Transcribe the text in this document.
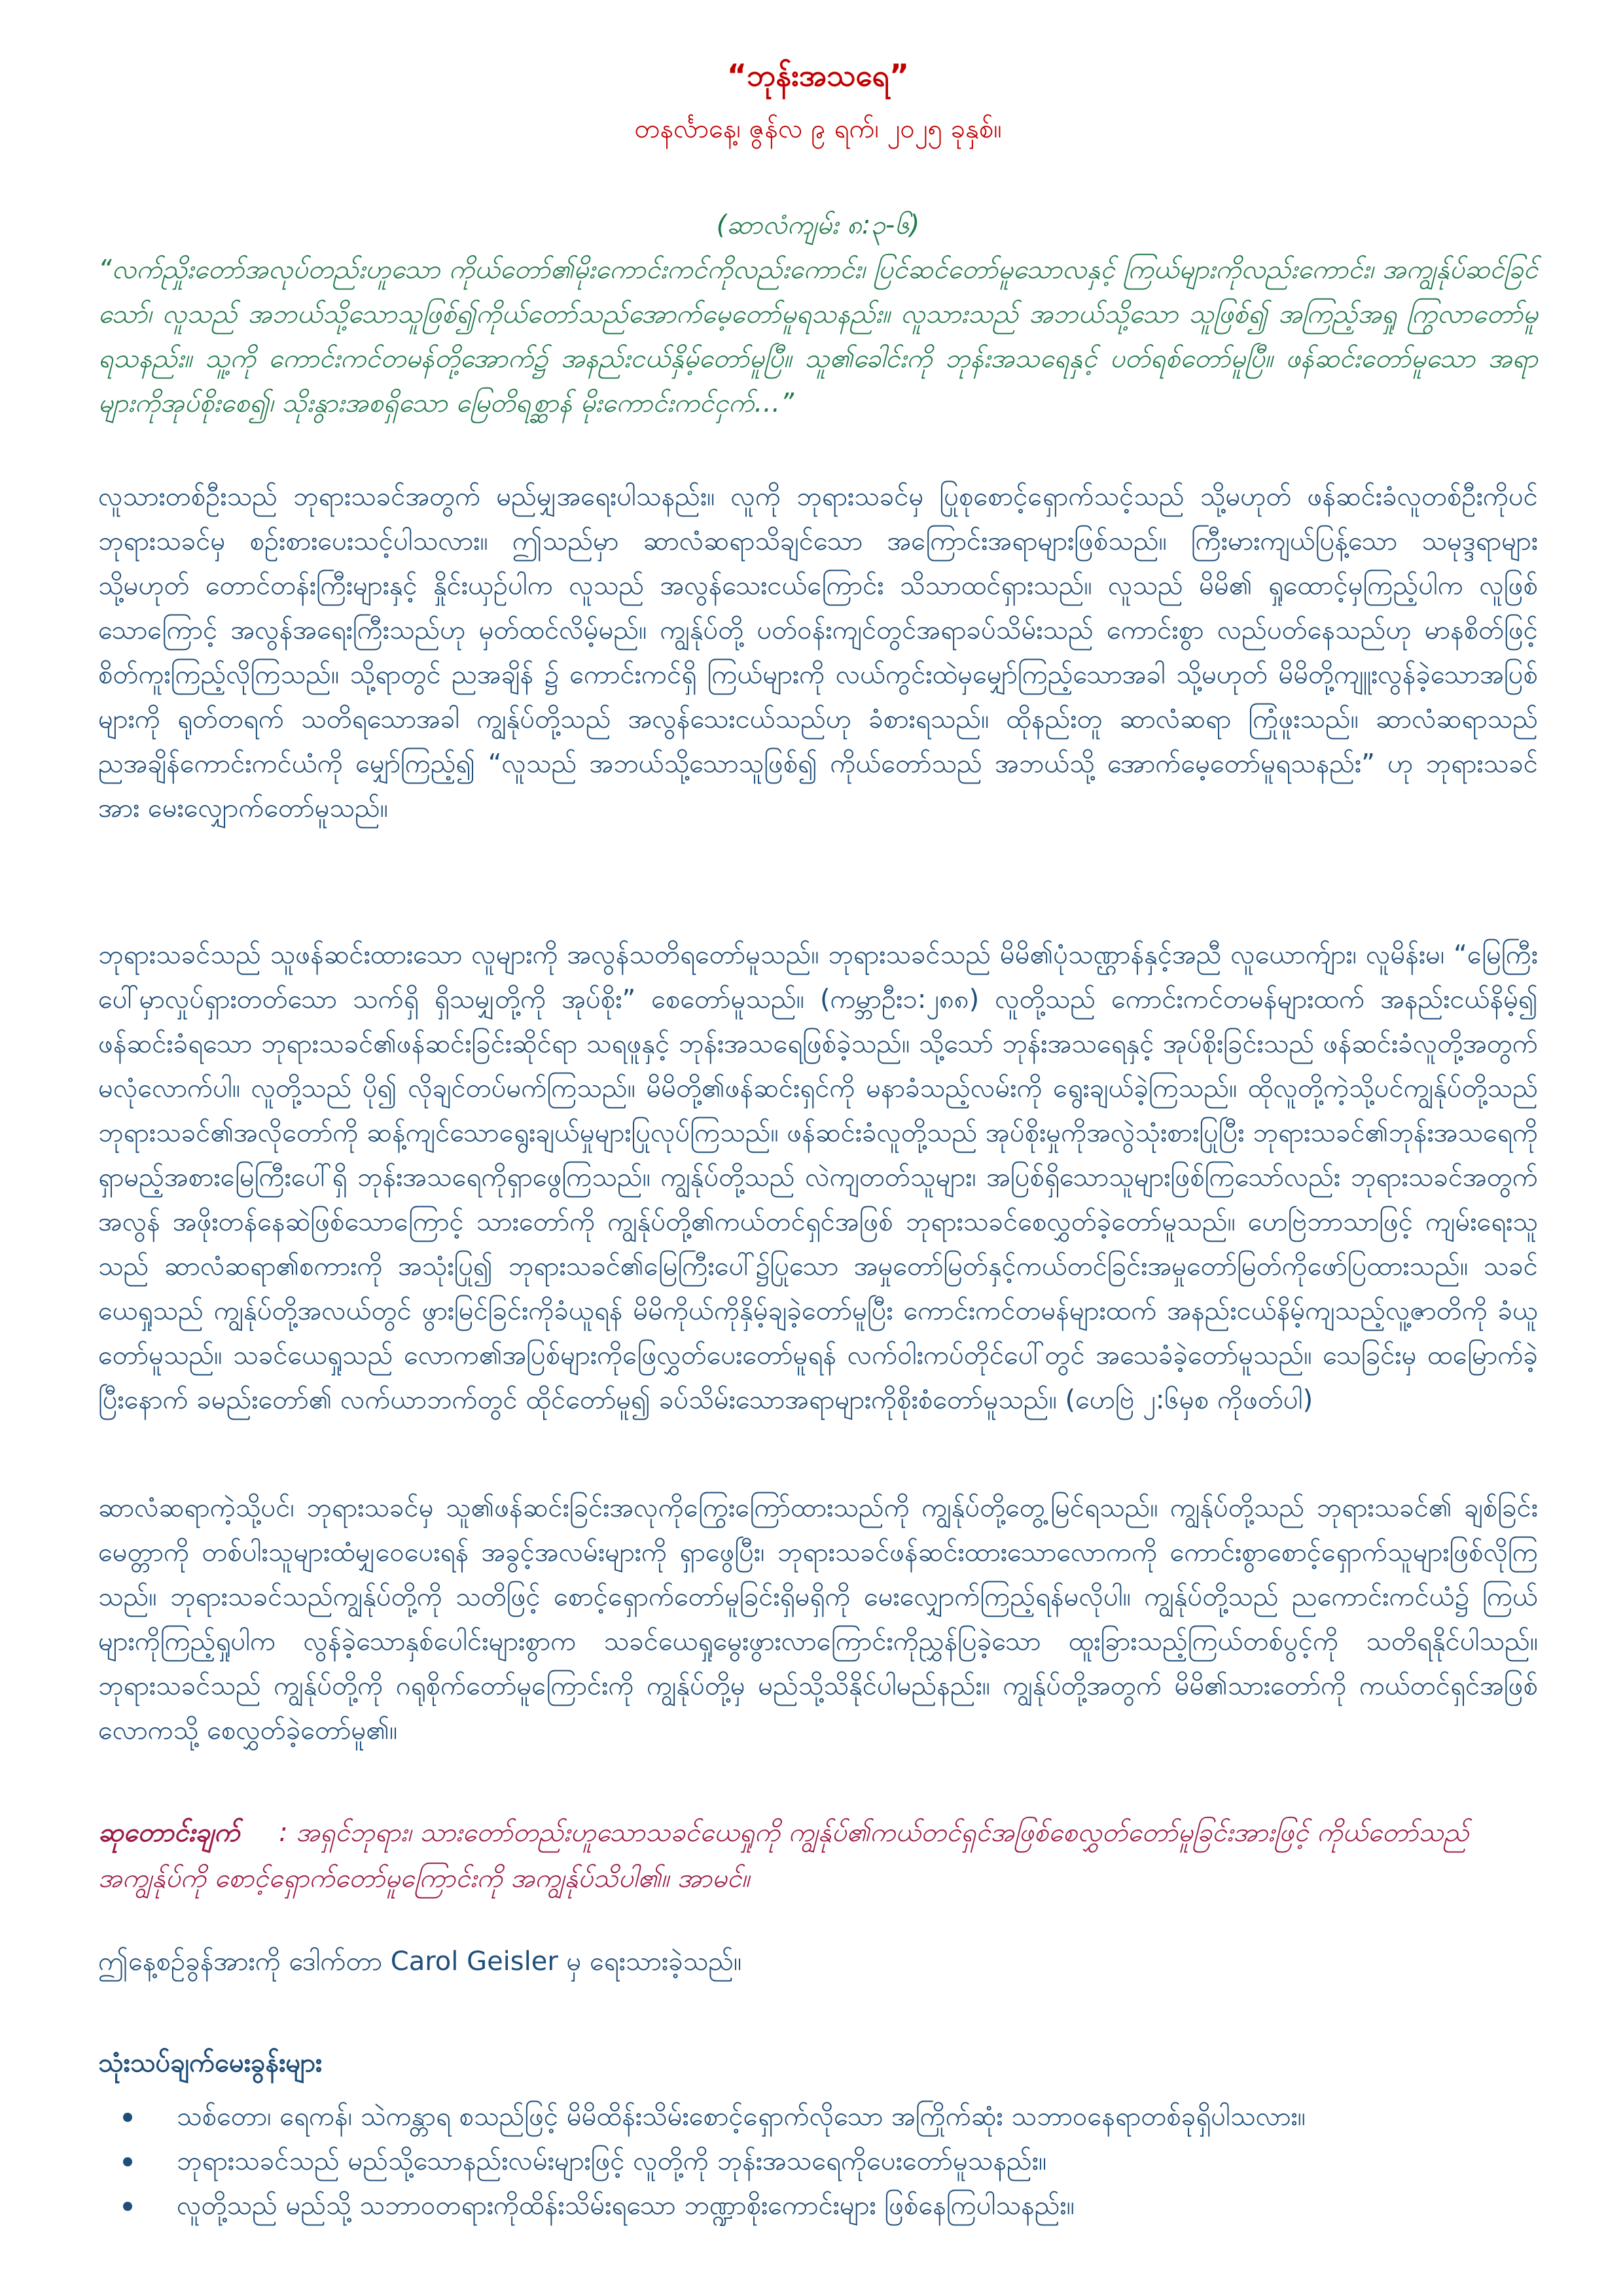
“ဘုန်းအသရေ”
တနင်္လာနေ့၊ ဇွန်လ ၉ ရက်၊ ၂၀၂၅ ခုနှစ်။
(ဆာလံကျမ်း ၈:၃-၆)
“လက်ညှိုးတော်အလုပ်တည်းဟူသော ကိုယ်တော်၏မိုးကောင်းကင်ကိုလည်းကောင်း၊ ပြင်ဆင်တော်မူသောလနှင့် ကြယ်များကိုလည်းကောင်း၊ အကျွန်ုပ်ဆင်ခြင်သော်၊ လူသည် အဘယ်သို့သောသူဖြစ်၍ကိုယ်တော်သည်အောက်မေ့တော်မူရသနည်း။ လူသားသည် အဘယ်သို့သော သူဖြစ်၍ အကြည့်အရှု ကြွလာတော်မူရသနည်း။ သူ့ကို ကောင်းကင်တမန်တို့အောက်၌ အနည်းငယ်နှိမ့်တော်မူပြီ။ သူ၏ခေါင်းကို ဘုန်းအသရေနှင့် ပတ်ရစ်တော်မူပြီ။ ဖန်ဆင်းတော်မူသော အရာများကိုအုပ်စိုးစေ၍၊ သိုးနွားအစရှိသော မြေတိရစ္ဆာန် မိုးကောင်းကင်ငှက်…”
လူသားတစ်ဦးသည် ဘုရားသခင်အတွက် မည်မျှအရေးပါသနည်း။ လူကို ဘုရားသခင်မှ ပြုစုစောင့်ရှောက်သင့်သည် သို့မဟုတ် ဖန်ဆင်းခံလူတစ်ဦးကိုပင် ဘုရားသခင်မှ စဉ်းစားပေးသင့်ပါသလား။ ဤသည်မှာ ဆာလံဆရာသိချင်သော အကြောင်းအရာများဖြစ်သည်။ ကြီးမားကျယ်ပြန့်သော သမုဒ္ဒရာများ သို့မဟုတ် တောင်တန်းကြီးများနှင့် နှိုင်းယှဉ်ပါက လူသည် အလွန်သေးငယ်ကြောင်း သိသာထင်ရှားသည်။ လူသည် မိမိ၏ ရှုထောင့်မှကြည့်ပါက လူဖြစ်သောကြောင့် အလွန်အရေးကြီးသည်ဟု မှတ်ထင်လိမ့်မည်။ ကျွန်ုပ်တို့ ပတ်ဝန်းကျင်တွင်အရာခပ်သိမ်းသည် ကောင်းစွာ လည်ပတ်နေသည်ဟု မာနစိတ်ဖြင့် စိတ်ကူးကြည့်လိုကြသည်။ သို့ရာတွင် ညအချိန် ၌ ကောင်းကင်ရှိ ကြယ်များကို လယ်ကွင်းထဲမှမျှော်ကြည့်သောအခါ သို့မဟုတ် မိမိတို့ကျူးလွန်ခဲ့သောအပြစ်များကို ရုတ်တရက် သတိရသောအခါ ကျွန်ုပ်တို့သည် အလွန်သေးငယ်သည်ဟု ခံစားရသည်။ ထိုနည်းတူ ဆာလံဆရာ ကြုံဖူးသည်။ ဆာလံဆရာသည် ညအချိန်ကောင်းကင်ယံကို မျှော်ကြည့်၍ “လူသည် အဘယ်သို့သောသူဖြစ်၍ ကိုယ်တော်သည် အဘယ်သို့ အောက်မေ့တော်မူရသနည်း” ဟု ဘုရားသခင်အား မေးလျှောက်တော်မူသည်။
ဘုရားသခင်သည် သူဖန်ဆင်းထားသော လူများကို အလွန်သတိရတော်မူသည်။ ဘုရားသခင်သည် မိမိ၏ပုံသဏ္ဌာန်နှင့်အညီ လူယောက်ျား၊ လူမိန်းမ၊ “မြေကြီးပေါ်မှာလှုပ်ရှားတတ်သော သက်ရှိ ရှိသမျှတို့ကို အုပ်စိုး” စေတော်မူသည်။ (ကမ္ဘာဦး၁:၂၈၈) လူတို့သည် ကောင်းကင်တမန်များထက် အနည်းငယ်နိမ့်၍ ဖန်ဆင်းခံရသော ဘုရားသခင်၏ဖန်ဆင်းခြင်းဆိုင်ရာ သရဖူနှင့် ဘုန်းအသရေဖြစ်ခဲ့သည်။ သို့သော် ဘုန်းအသရေနှင့် အုပ်စိုးခြင်းသည် ဖန်ဆင်းခံလူတို့အတွက် မလုံလောက်ပါ။ လူတို့သည် ပို၍ လိုချင်တပ်မက်ကြသည်။ မိမိတို့၏ဖန်ဆင်းရှင်ကို မနာခံသည့်လမ်းကို ရွေးချယ်ခဲ့ကြသည်။ ထိုလူတို့ကဲ့သို့ပင်ကျွန်ုပ်တို့သည် ဘုရားသခင်၏အလိုတော်ကို ဆန့်ကျင်သောရွေးချယ်မှုများပြုလုပ်ကြသည်။ ဖန်ဆင်းခံလူတို့သည် အုပ်စိုးမှုကိုအလွဲသုံးစားပြုပြီး ဘုရားသခင်၏ဘုန်းအသရေကို ရှာမည့်အစားမြေကြီးပေါ်ရှိ ဘုန်းအသရေကိုရှာဖွေကြသည်။ ကျွန်ုပ်တို့သည် လဲကျတတ်သူများ၊ အပြစ်ရှိသောသူများဖြစ်ကြသော်လည်း ဘုရားသခင်အတွက် အလွန် အဖိုးတန်နေဆဲဖြစ်သောကြောင့် သားတော်ကို ကျွန်ုပ်တို့၏ကယ်တင်ရှင်အဖြစ် ဘုရားသခင်စေလွှတ်ခဲ့တော်မူသည်။ ဟေဗြဲဘာသာဖြင့် ကျမ်းရေးသူသည် ဆာလံဆရာ၏စကားကို အသုံးပြု၍ ဘုရားသခင်၏မြေကြီးပေါ်၌ပြုသော အမှုတော်မြတ်နှင့်ကယ်တင်ခြင်းအမှုတော်မြတ်ကိုဖော်ပြထားသည်။ သခင်ယေရှုသည် ကျွန်ုပ်တို့အလယ်တွင် ဖွားမြင်ခြင်းကိုခံယူရန် မိမိကိုယ်ကိုနှိမ့်ချခဲ့တော်မူပြီး ကောင်းကင်တမန်များထက် အနည်းငယ်နိမ့်ကျသည့်လူ့ဇာတိကို ခံယူတော်မူသည်။ သခင်ယေရှုသည် လောက၏အပြစ်များကိုဖြေလွှတ်ပေးတော်မူရန် လက်ဝါးကပ်တိုင်ပေါ်တွင် အသေခံခဲ့တော်မူသည်။ သေခြင်းမှ ထမြောက်ခဲ့ပြီးနောက် ခမည်းတော်၏ လက်ယာဘက်တွင် ထိုင်တော်မူ၍ ခပ်သိမ်းသောအရာများကိုစိုးစံတော်မူသည်။ (ဟေဗြဲ ၂:၆မှစ ကိုဖတ်ပါ)
ဆာလံဆရာကဲ့သို့ပင်၊ ဘုရားသခင်မှ သူ၏ဖန်ဆင်းခြင်းအလုကိုကြွေးကြော်ထားသည်ကို ကျွန်ုပ်တို့တွေ့မြင်ရသည်။ ကျွန်ုပ်တို့သည် ဘုရားသခင်၏ ချစ်ခြင်းမေတ္တာကို တစ်ပါးသူများထံမျှဝေပေးရန် အခွင့်အလမ်းများကို ရှာဖွေပြီး၊ ဘုရားသခင်ဖန်ဆင်းထားသောလောကကို ကောင်းစွာစောင့်ရှောက်သူများဖြစ်လိုကြသည်။ ဘုရားသခင်သည်ကျွန်ုပ်တို့ကို သတိဖြင့် စောင့်ရှောက်တော်မူခြင်းရှိမရှိကို မေးလျှောက်ကြည့်ရန်မလိုပါ။ ကျွန်ုပ်တို့သည် ညကောင်းကင်ယံ၌ ကြယ်များကိုကြည့်ရှုပါက လွန်ခဲ့သောနှစ်ပေါင်းများစွာက သခင်ယေရှုမွေးဖွားလာကြောင်းကိုညွှန်ပြခဲ့သော ထူးခြားသည့်ကြယ်တစ်ပွင့်ကို သတိရနိုင်ပါသည်။ ဘုရားသခင်သည် ကျွန်ုပ်တို့ကို ဂရုစိုက်တော်မူကြောင်းကို ကျွန်ုပ်တို့မှ မည်သို့သိနိုင်ပါမည်နည်း။ ကျွန်ုပ်တို့အတွက် မိမိ၏သားတော်ကို ကယ်တင်ရှင်အဖြစ် လောကသို့ စေလွှတ်ခဲ့တော်မူ၏။
ဆုတောင်းချက် : အရှင်ဘုရား၊ သားတော်တည်းဟူသောသခင်ယေရှုကို ကျွန်ုပ်၏ကယ်တင်ရှင်အဖြစ်စေလွှတ်တော်မူခြင်းအားဖြင့် ကိုယ်တော်သည် အကျွန်ုပ်ကို စောင့်ရှောက်တော်မူကြောင်းကို အကျွန်ုပ်သိပါ၏။ အာမင်။
ဤနေ့စဉ်ခွန်အားကို ဒေါက်တာ Carol Geisler မှ ရေးသားခဲ့သည်။
သုံးသပ်ချက်မေးခွန်းများ
သစ်တော၊ ရေကန်၊ သဲကန္တာရ စသည်ဖြင့် မိမိထိန်းသိမ်းစောင့်ရှောက်လိုသော အကြိုက်ဆုံး သဘာဝနေရာတစ်ခုရှိပါသလား။
ဘုရားသခင်သည် မည်သို့သောနည်းလမ်းများဖြင့် လူတို့ကို ဘုန်းအသရေကိုပေးတော်မူသနည်း။
လူတို့သည် မည်သို့ သဘာဝတရားကိုထိန်းသိမ်းရသော ဘဏ္ဍာစိုးကောင်းများ ဖြစ်နေကြပါသနည်း။
